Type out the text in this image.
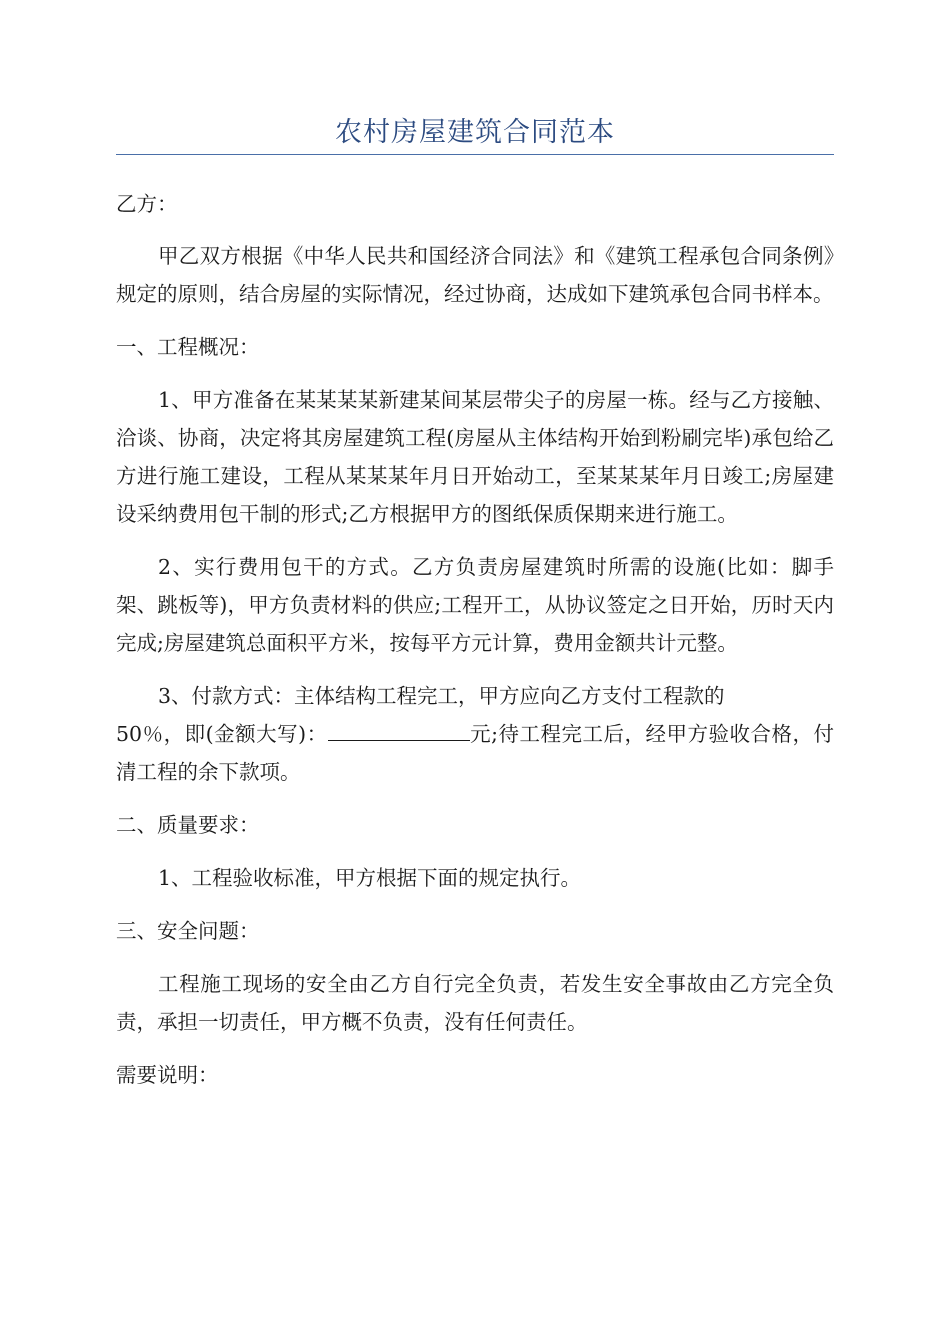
农村房屋建筑合同范本

乙方：

甲乙双方根据《中华人民共和国经济合同法》和《建筑工程承包合同条例》规定的原则，结合房屋的实际情况，经过协商，达成如下建筑承包合同书样本。

一、工程概况：

1、甲方准备在某某某某新建某间某层带尖子的房屋一栋。经与乙方接触、洽谈、协商，决定将其房屋建筑工程(房屋从主体结构开始到粉刷完毕)承包给乙方进行施工建设，工程从某某某年月日开始动工，至某某某年月日竣工;房屋建设采纳费用包干制的形式;乙方根据甲方的图纸保质保期来进行施工。

2、实行费用包干的方式。乙方负责房屋建筑时所需的设施(比如：脚手架、跳板等)，甲方负责材料的供应;工程开工，从协议签定之日开始，历时天内完成;房屋建筑总面积平方米，按每平方元计算，费用金额共计元整。

3、付款方式：主体结构工程完工，甲方应向乙方支付工程款的
50％，即(金额大写)：	元;待工程完工后，经甲方验收合格，付清工程的余下款项。

二、质量要求：

1、工程验收标准，甲方根据下面的规定执行。

三、安全问题：

工程施工现场的安全由乙方自行完全负责，若发生安全事故由乙方完全负责，承担一切责任，甲方概不负责，没有任何责任。

需要说明：
